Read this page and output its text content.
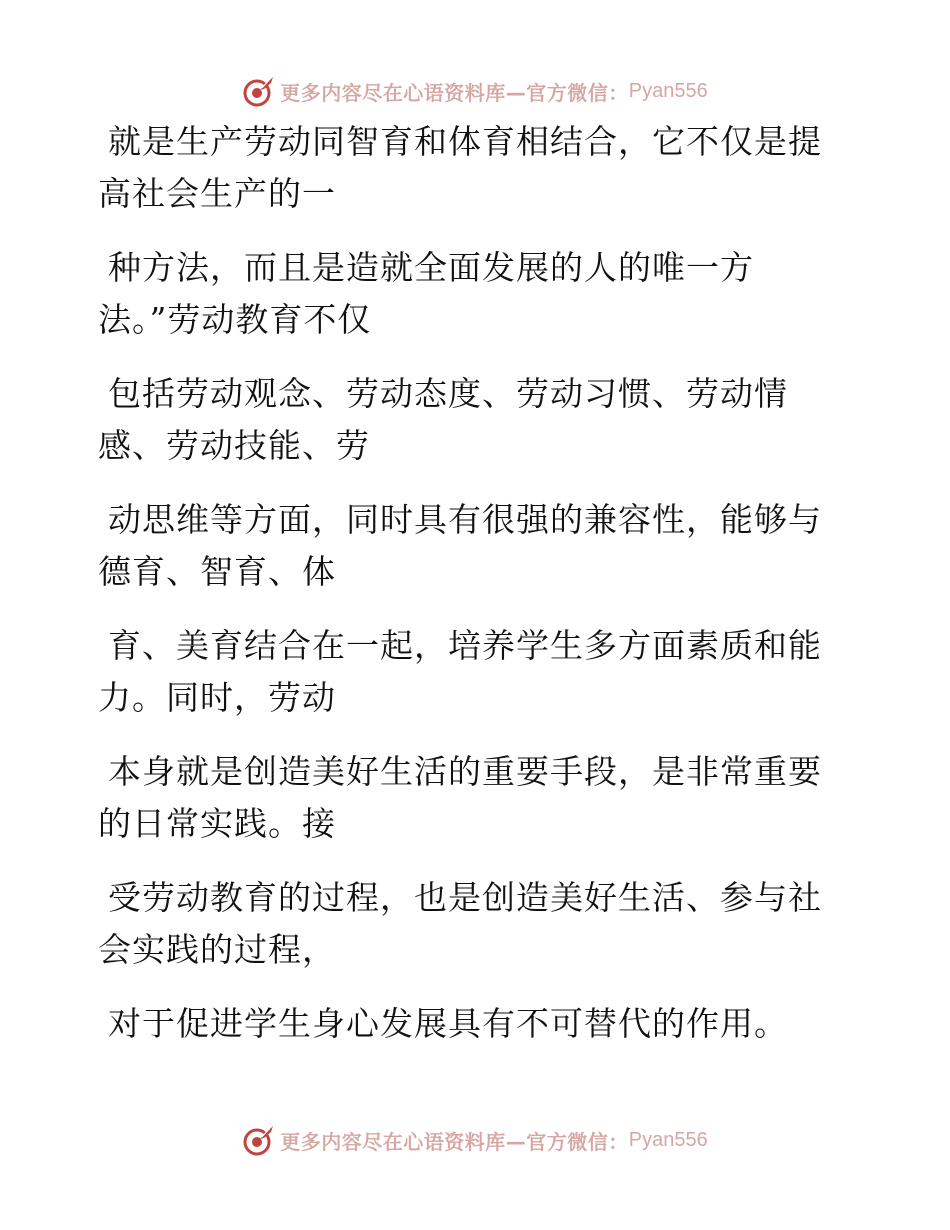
更多内容尽在心语资料库—官方微信： Pyan556
就是生产劳动同智育和体育相结合，它不仅是提
高社会生产的一
种方法，而且是造就全面发展的人的唯一方
法。”劳动教育不仅
包括劳动观念、劳动态度、劳动习惯、劳动情
感、劳动技能、劳
动思维等方面，同时具有很强的兼容性，能够与
德育、智育、体
育、美育结合在一起，培养学生多方面素质和能
力。同时，劳动
本身就是创造美好生活的重要手段，是非常重要
的日常实践。接
受劳动教育的过程，也是创造美好生活、参与社
会实践的过程，
对于促进学生身心发展具有不可替代的作用。
更多内容尽在心语资料库—官方微信： Pyan556
